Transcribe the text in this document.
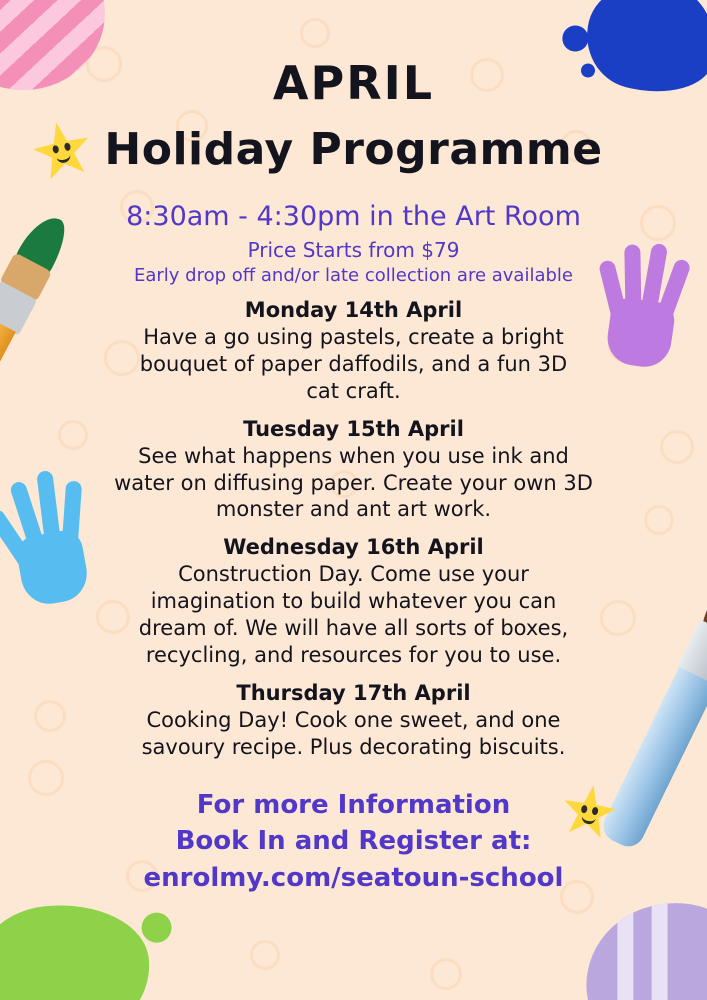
APRIL
Holiday Programme

8:30am - 4:30pm in the Art Room

Price Starts from $79

Early drop off and/or late collection are available

Monday 14th April

Have a go using pastels, create a bright bouquet of paper daffodils, and a fun 3D cat craft.

Tuesday 15th April

See what happens when you use ink and water on diffusing paper. Create your own 3D monster and ant art work.

Wednesday 16th April

Construction Day. Come use your imagination to build whatever you can dream of. We will have all sorts of boxes, recycling, and resources for you to use.

Thursday 17th April

Cooking Day! Cook one sweet, and one savoury recipe. Plus decorating biscuits.

For more Information

Book In and Register at:

enrolmy.com/seatoun-school
